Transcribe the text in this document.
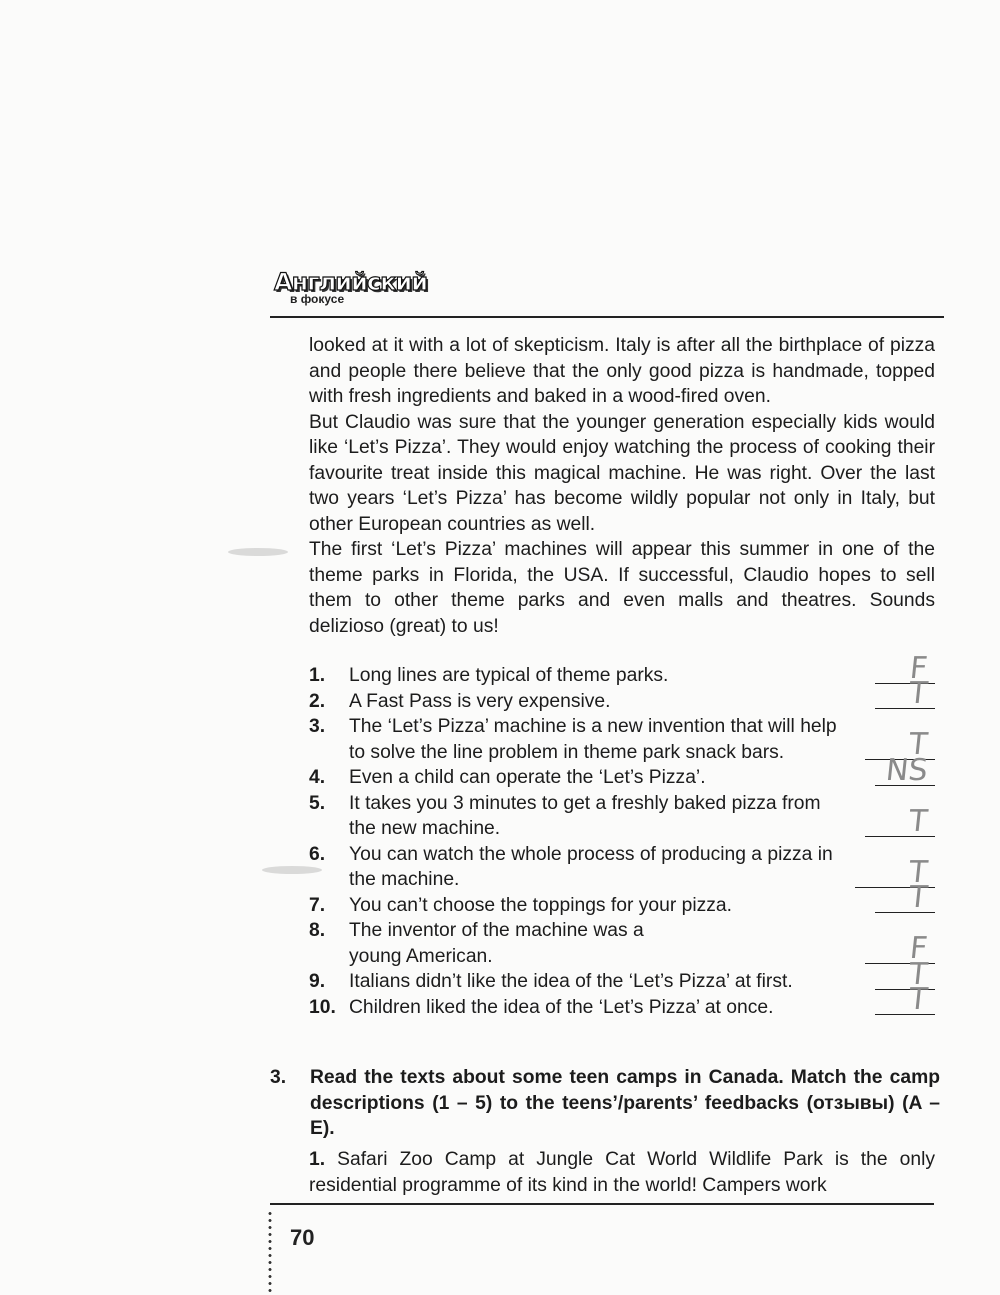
Английский
в фокусе

looked at it with a lot of skepticism. Italy is after all the birthplace of pizza and people there believe that the only good pizza is handmade, topped with fresh ingredients and baked in a wood-fired oven.

But Claudio was sure that the younger generation especially kids would like ‘Let’s Pizza’. They would enjoy watching the process of cooking their favourite treat inside this magical machine. He was right. Over the last two years ‘Let’s Pizza’ has become wildly popular not only in Italy, but other European countries as well.

The first ‘Let’s Pizza’ machines will appear this summer in one of the theme parks in Florida, the USA. If successful, Claudio hopes to sell them to other theme parks and even malls and theatres. Sounds delizioso (great) to us!

1.	Long lines are typical of theme parks.	F
2.	A Fast Pass is very expensive.	T
3.	The ‘Let’s Pizza’ machine is a new invention that will help to solve the line problem in theme park snack bars.	T
4.	Even a child can operate the ‘Let’s Pizza’.	NS
5.	It takes you 3 minutes to get a freshly baked pizza from the new machine.	T
6.	You can watch the whole process of producing a pizza in the machine.	T
7.	You can’t choose the toppings for your pizza.	T
8.	The inventor of the machine was a young American.	F
9.	Italians didn’t like the idea of the ‘Let’s Pizza’ at first.	T
10. Children liked the idea of the ‘Let’s Pizza’ at once.	T
3. Read the texts about some teen camps in Canada. Match the camp descriptions (1 – 5) to the teens’/parents’ feedbacks (отзывы) (A – E).
1. Safari Zoo Camp at Jungle Cat World Wildlife Park is the only residential programme of its kind in the world! Campers work
70
